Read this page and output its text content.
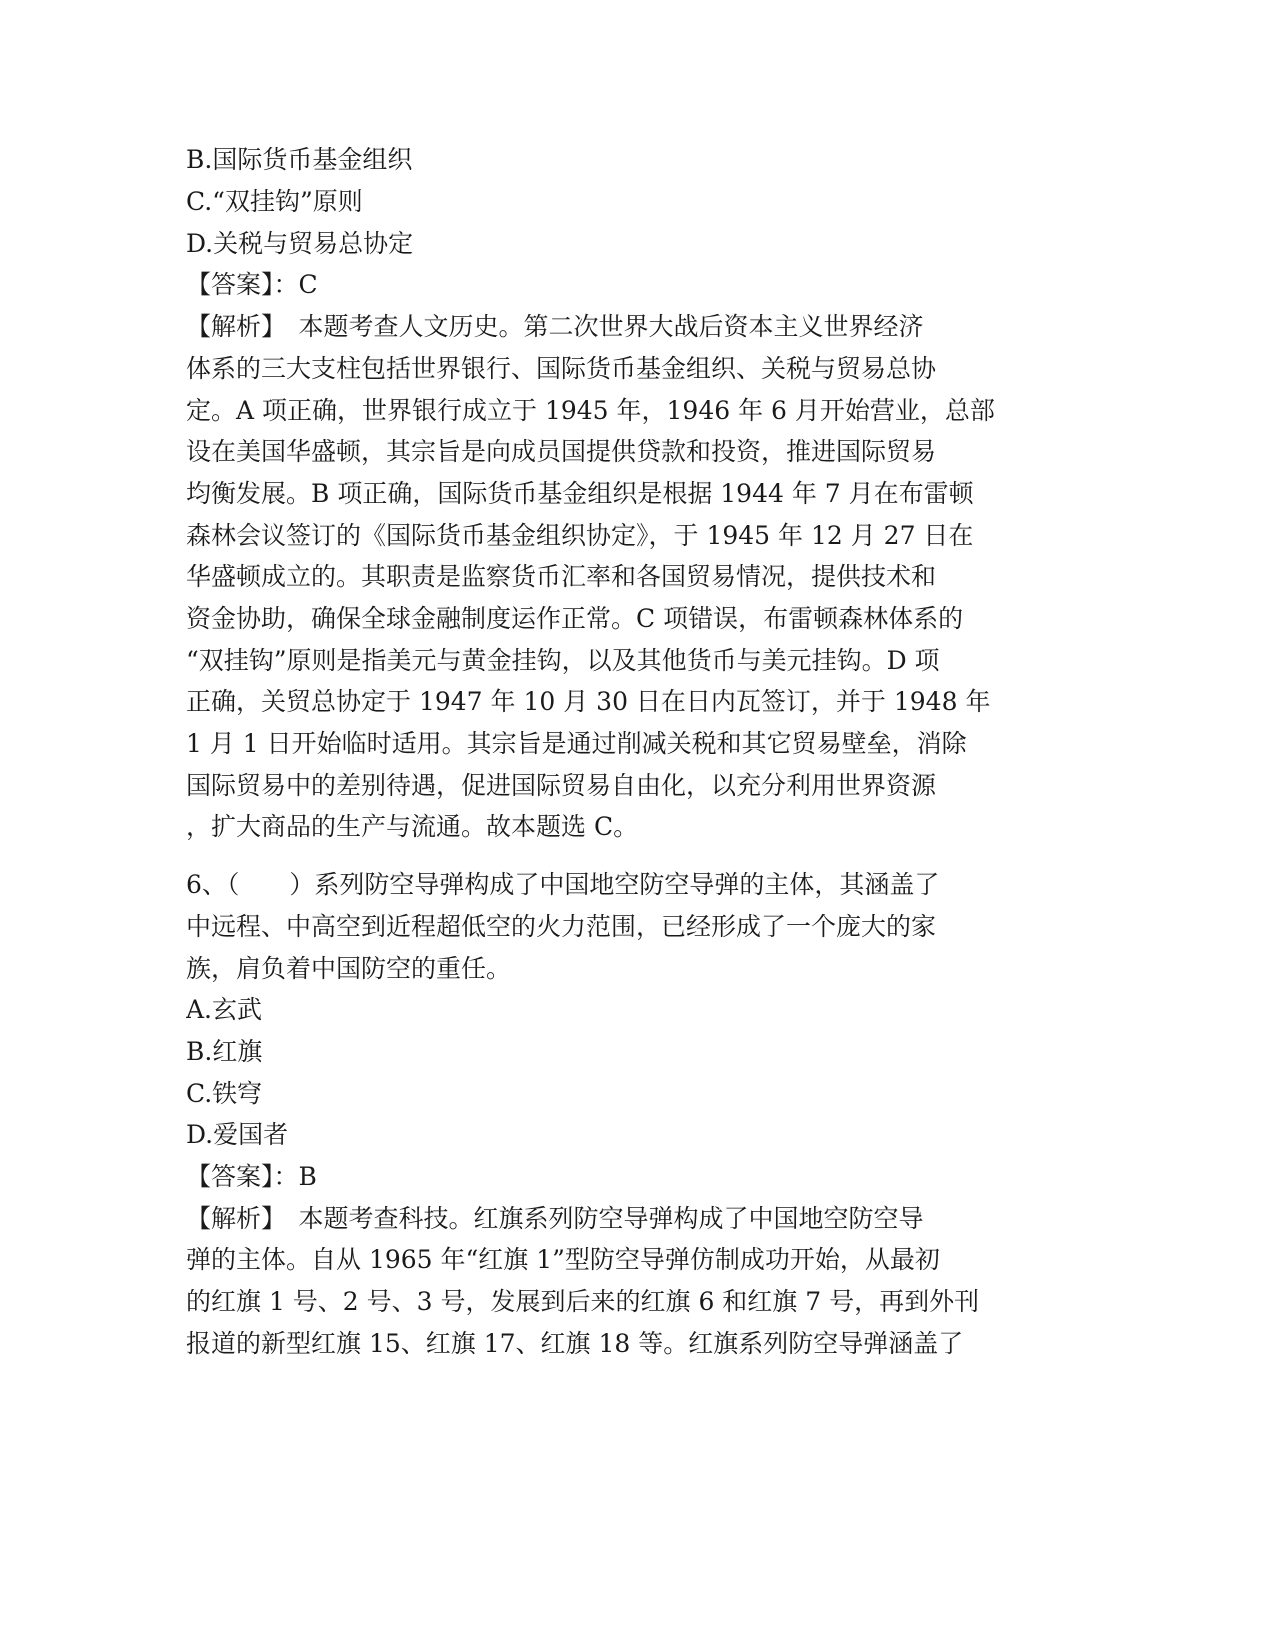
B.国际货币基金组织
C.“双挂钩”原则
D.关税与贸易总协定
【答案】：C
【解析】　本题考查人文历史。第二次世界大战后资本主义世界经济
体系的三大支柱包括世界银行、国际货币基金组织、关税与贸易总协
定。A 项正确，世界银行成立于 1945 年，1946 年 6 月开始营业，总部
设在美国华盛顿，其宗旨是向成员国提供贷款和投资，推进国际贸易
均衡发展。B 项正确，国际货币基金组织是根据 1944 年 7 月在布雷顿
森林会议签订的《国际货币基金组织协定》，于 1945 年 12 月 27 日在
华盛顿成立的。其职责是监察货币汇率和各国贸易情况，提供技术和
资金协助，确保全球金融制度运作正常。C 项错误，布雷顿森林体系的
“双挂钩”原则是指美元与黄金挂钩，以及其他货币与美元挂钩。D 项
正确，关贸总协定于 1947 年 10 月 30 日在日内瓦签订，并于 1948 年
1 月 1 日开始临时适用。其宗旨是通过削减关税和其它贸易壁垒，消除
国际贸易中的差别待遇，促进国际贸易自由化，以充分利用世界资源
，扩大商品的生产与流通。故本题选 C。
6、（　　）系列防空导弹构成了中国地空防空导弹的主体，其涵盖了
中远程、中高空到近程超低空的火力范围，已经形成了一个庞大的家
族，肩负着中国防空的重任。
A.玄武
B.红旗
C.铁穹
D.爱国者
【答案】：B
【解析】　本题考查科技。红旗系列防空导弹构成了中国地空防空导
弹的主体。自从 1965 年“红旗 1”型防空导弹仿制成功开始，从最初
的红旗 1 号、2 号、3 号，发展到后来的红旗 6 和红旗 7 号，再到外刊
报道的新型红旗 15、红旗 17、红旗 18 等。红旗系列防空导弹涵盖了
